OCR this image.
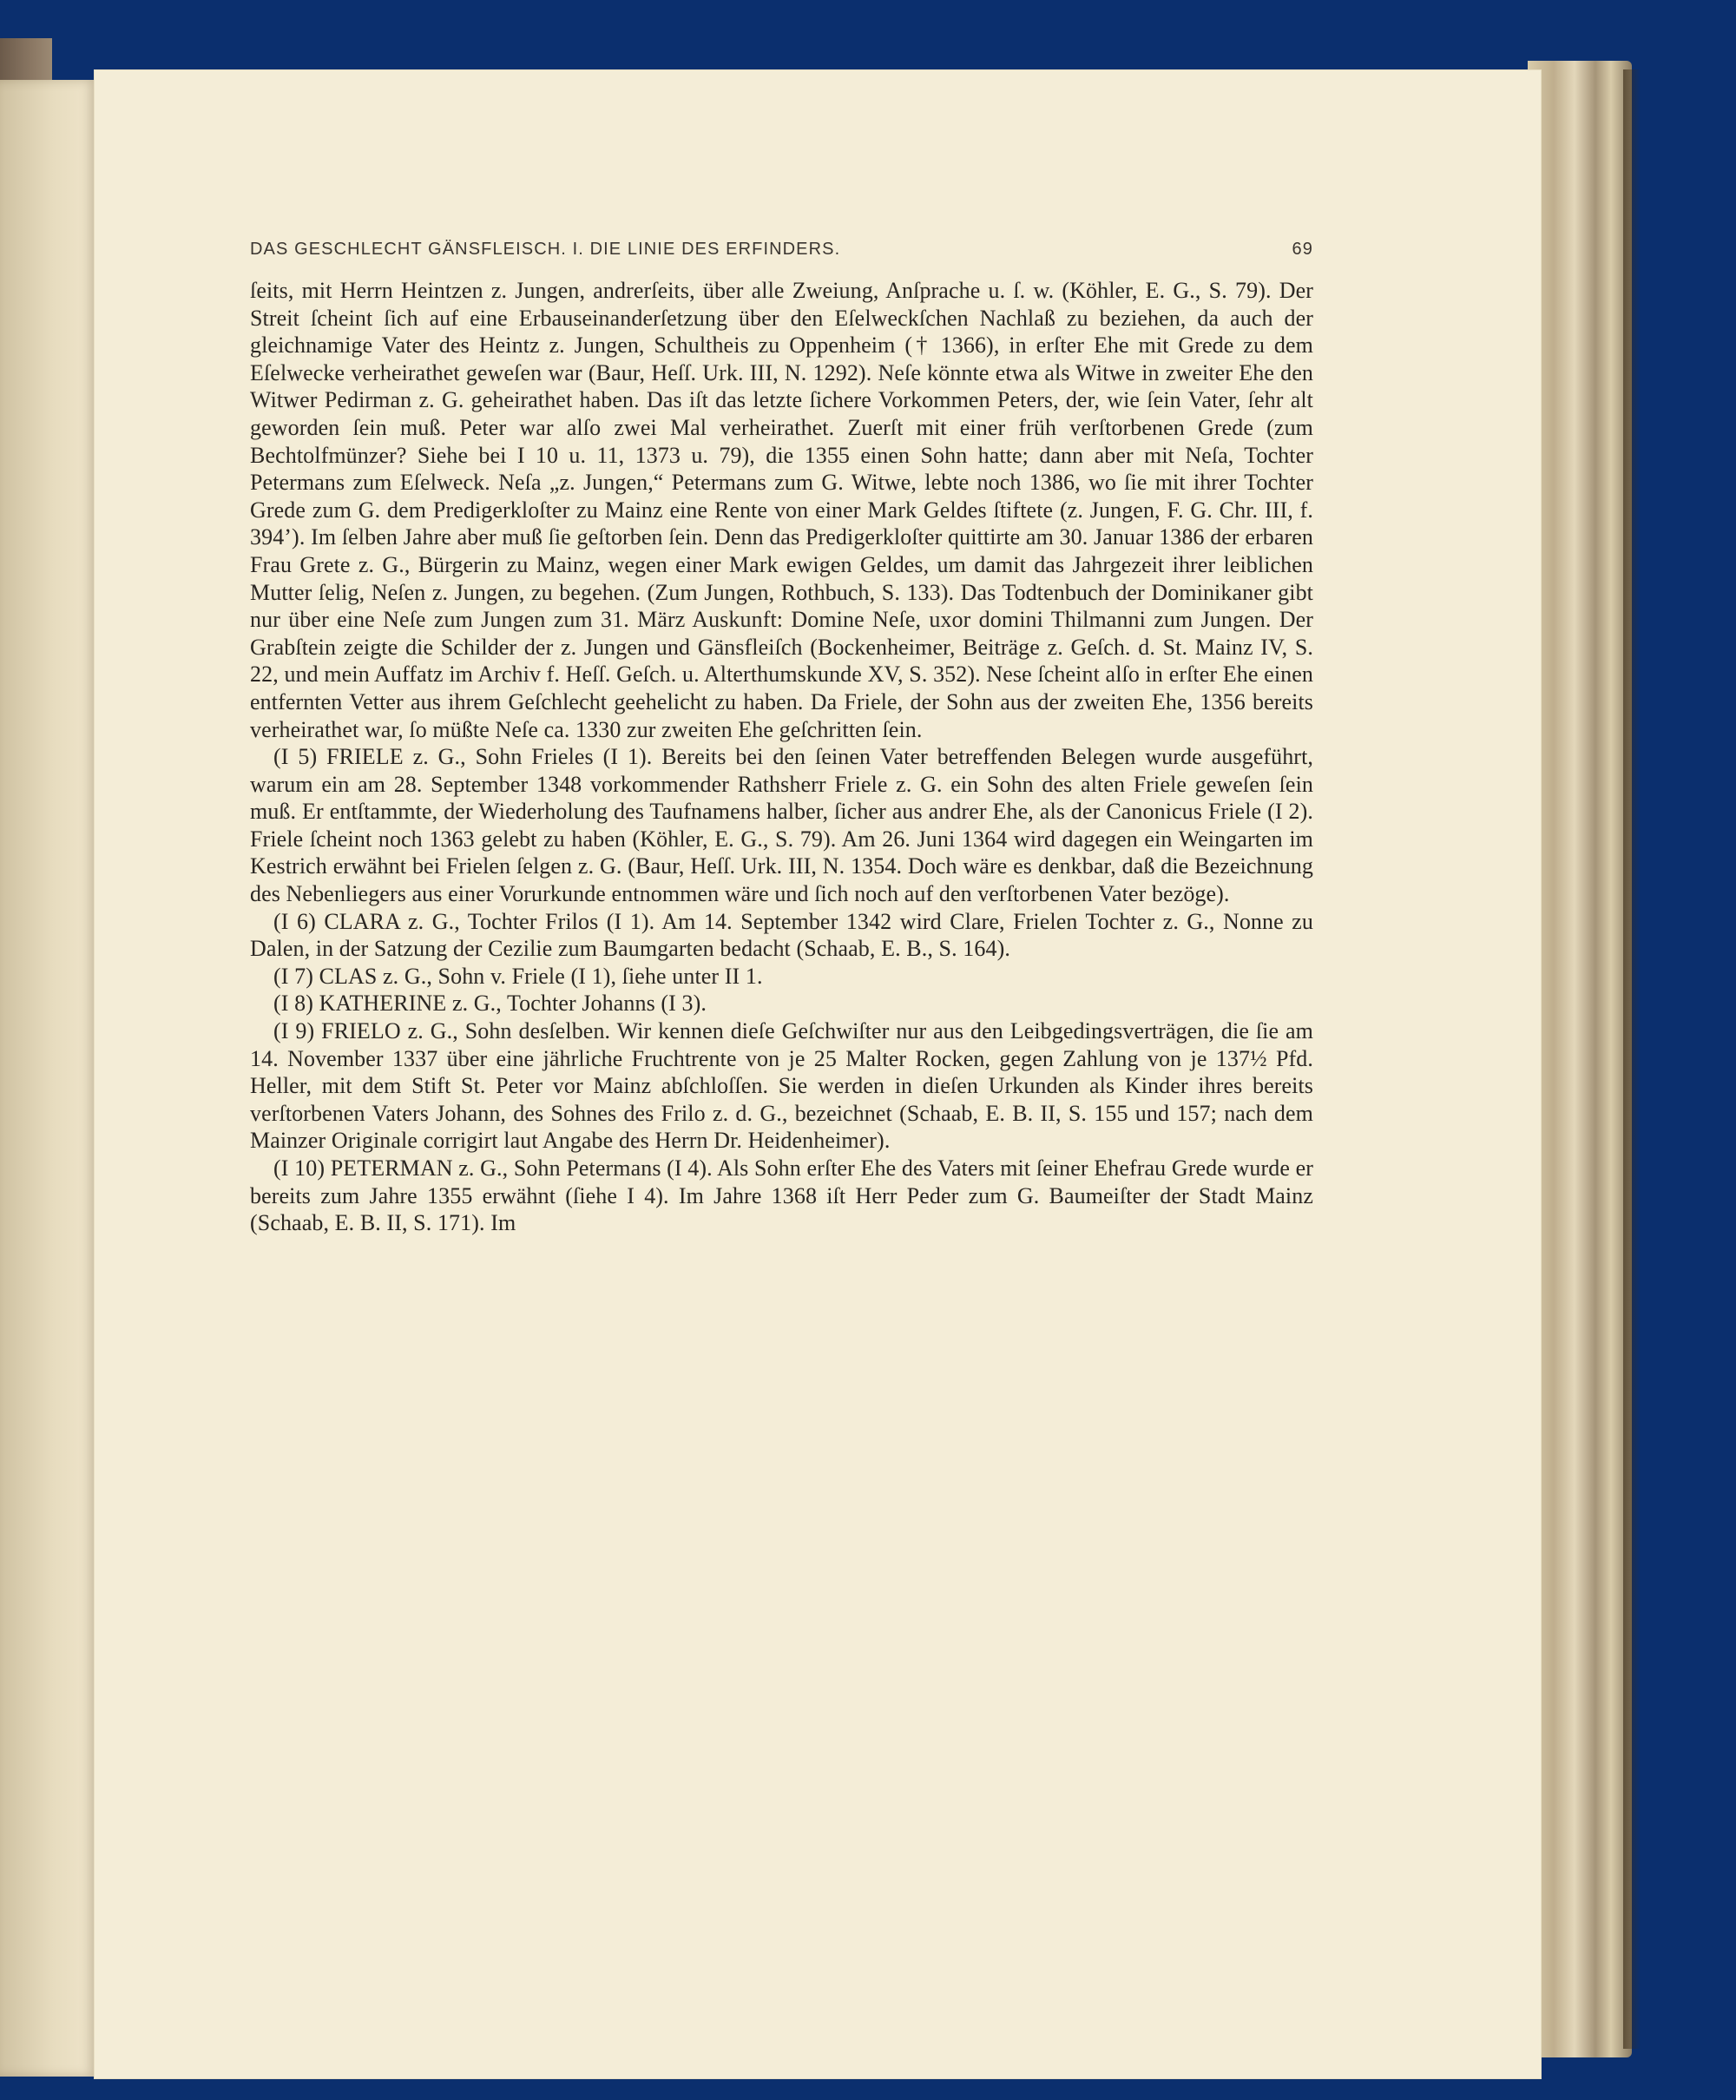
DAS GESCHLECHT GÄNSFLEISCH. I. DIE LINIE DES ERFINDERS.	69

ſeits, mit Herrn Heintzen z. Jungen, andrerſeits, über alle Zweiung, Anſprache u. ſ. w. (Köhler, E. G., S. 79). Der Streit ſcheint ſich auf eine Erbauseinanderſetzung über den Eſelweckſchen Nachlaß zu beziehen, da auch der gleichnamige Vater des Heintz z. Jungen, Schultheis zu Oppenheim († 1366), in erſter Ehe mit Grede zu dem Eſelwecke verheirathet geweſen war (Baur, Heſſ. Urk. III, N. 1292). Neſe könnte etwa als Witwe in zweiter Ehe den Witwer Pedirman z. G. geheirathet haben. Das iſt das letzte ſichere Vorkommen Peters, der, wie ſein Vater, ſehr alt geworden ſein muß. Peter war alſo zwei Mal verheirathet. Zuerſt mit einer früh verſtorbenen Grede (zum Bechtolfmünzer? Siehe bei I 10 u. 11, 1373 u. 79), die 1355 einen Sohn hatte; dann aber mit Neſa, Tochter Petermans zum Eſelweck. Neſa „z. Jungen,“ Petermans zum G. Witwe, lebte noch 1386, wo ſie mit ihrer Tochter Grede zum G. dem Predigerkloſter zu Mainz eine Rente von einer Mark Geldes ſtiftete (z. Jungen, F. G. Chr. III, f. 394’). Im ſelben Jahre aber muß ſie geſtorben ſein. Denn das Predigerkloſter quittirte am 30. Januar 1386 der erbaren Frau Grete z. G., Bürgerin zu Mainz, wegen einer Mark ewigen Geldes, um damit das Jahrgezeit ihrer leiblichen Mutter ſelig, Neſen z. Jungen, zu begehen. (Zum Jungen, Rothbuch, S. 133). Das Todtenbuch der Dominikaner gibt nur über eine Neſe zum Jungen zum 31. März Auskunft: Domine Neſe, uxor domini Thilmanni zum Jungen. Der Grabſtein zeigte die Schilder der z. Jungen und Gänsfleiſch (Bockenheimer, Beiträge z. Geſch. d. St. Mainz IV, S. 22, und mein Auffatz im Archiv f. Heſſ. Geſch. u. Alterthumskunde XV, S. 352). Nese ſcheint alſo in erſter Ehe einen entfernten Vetter aus ihrem Geſchlecht geehelicht zu haben. Da Friele, der Sohn aus der zweiten Ehe, 1356 bereits verheirathet war, ſo müßte Neſe ca. 1330 zur zweiten Ehe geſchritten ſein.

(I 5) FRIELE z. G., Sohn Frieles (I 1). Bereits bei den ſeinen Vater betreffenden Belegen wurde ausgeführt, warum ein am 28. September 1348 vorkommender Rathsherr Friele z. G. ein Sohn des alten Friele geweſen ſein muß. Er entſtammte, der Wiederholung des Taufnamens halber, ſicher aus andrer Ehe, als der Canonicus Friele (I 2). Friele ſcheint noch 1363 gelebt zu haben (Köhler, E. G., S. 79). Am 26. Juni 1364 wird dagegen ein Weingarten im Kestrich erwähnt bei Frielen ſelgen z. G. (Baur, Heſſ. Urk. III, N. 1354. Doch wäre es denkbar, daß die Bezeichnung des Nebenliegers aus einer Vorurkunde entnommen wäre und ſich noch auf den verſtorbenen Vater bezöge).

(I 6) CLARA z. G., Tochter Frilos (I 1). Am 14. September 1342 wird Clare, Frielen Tochter z. G., Nonne zu Dalen, in der Satzung der Cezilie zum Baumgarten bedacht (Schaab, E. B., S. 164).

(I 7) CLAS z. G., Sohn v. Friele (I 1), ſiehe unter II 1.

(I 8) KATHERINE z. G., Tochter Johanns (I 3).

(I 9) FRIELO z. G., Sohn desſelben. Wir kennen dieſe Geſchwiſter nur aus den Leibgedingsverträgen, die ſie am 14. November 1337 über eine jährliche Fruchtrente von je 25 Malter Rocken, gegen Zahlung von je 137½ Pfd. Heller, mit dem Stift St. Peter vor Mainz abſchloſſen. Sie werden in dieſen Urkunden als Kinder ihres bereits verſtorbenen Vaters Johann, des Sohnes des Frilo z. d. G., bezeichnet (Schaab, E. B. II, S. 155 und 157; nach dem Mainzer Originale corrigirt laut Angabe des Herrn Dr. Heidenheimer).

(I 10) PETERMAN z. G., Sohn Petermans (I 4). Als Sohn erſter Ehe des Vaters mit ſeiner Ehefrau Grede wurde er bereits zum Jahre 1355 erwähnt (ſiehe I 4). Im Jahre 1368 iſt Herr Peder zum G. Baumeiſter der Stadt Mainz (Schaab, E. B. II, S. 171). Im
